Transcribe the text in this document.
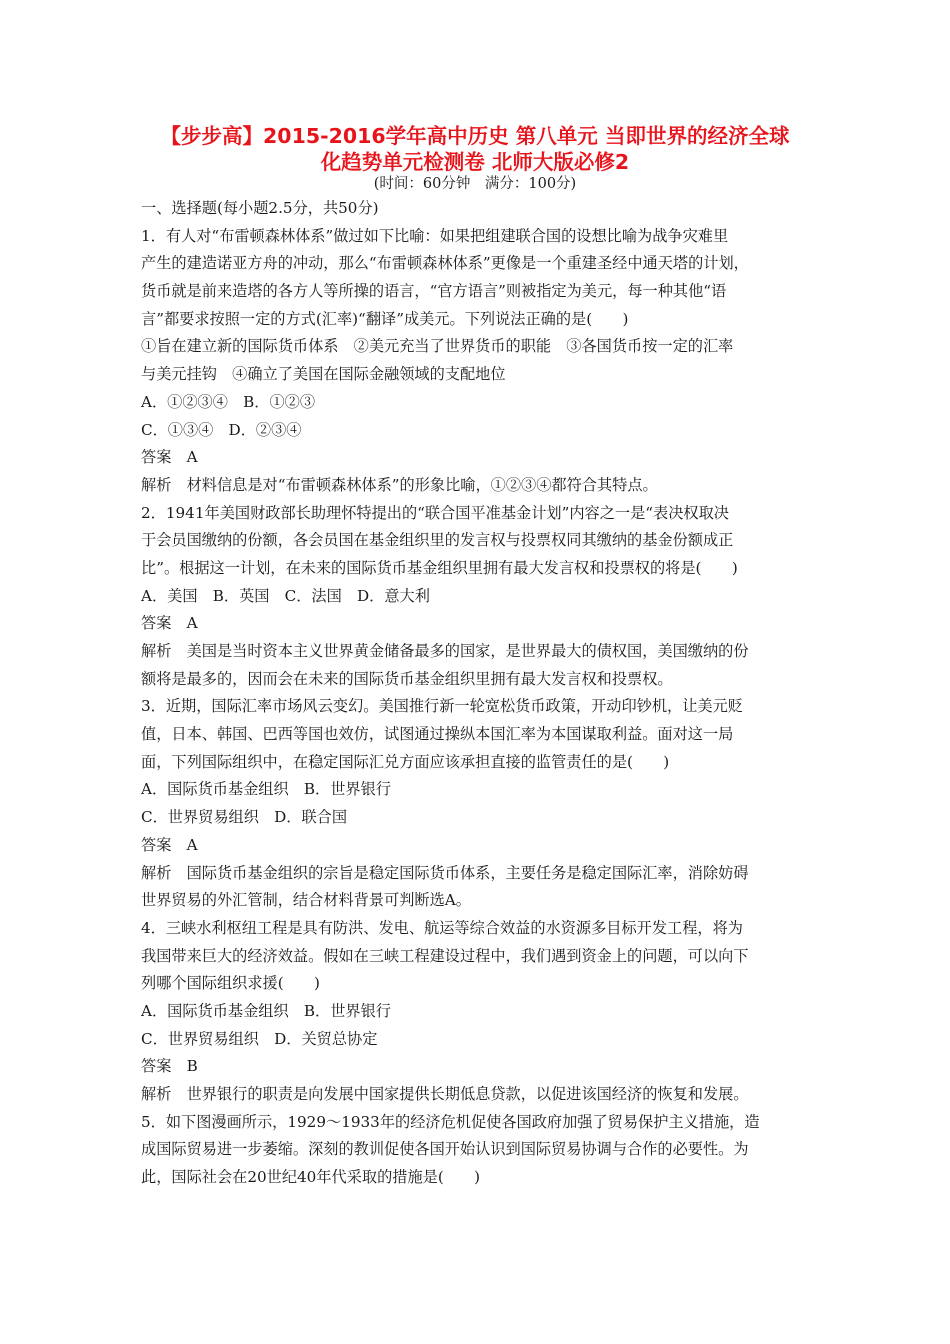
【步步高】2015-2016学年高中历史 第八单元 当即世界的经济全球
化趋势单元检测卷 北师大版必修2
(时间：60分钟　满分：100分)
一、选择题(每小题2.5分，共50分)
1．有人对“布雷顿森林体系”做过如下比喻：如果把组建联合国的设想比喻为战争灾难里
产生的建造诺亚方舟的冲动，那么“布雷顿森林体系”更像是一个重建圣经中通天塔的计划，
货币就是前来造塔的各方人等所操的语言，“官方语言”则被指定为美元，每一种其他“语
言”都要求按照一定的方式(汇率)“翻译”成美元。下列说法正确的是(　　)
①旨在建立新的国际货币体系　②美元充当了世界货币的职能　③各国货币按一定的汇率
与美元挂钩　④确立了美国在国际金融领域的支配地位
A．①②③④　B．①②③
C．①③④　D．②③④
答案　A
解析　材料信息是对“布雷顿森林体系”的形象比喻，①②③④都符合其特点。
2．1941年美国财政部长助理怀特提出的“联合国平准基金计划”内容之一是“表决权取决
于会员国缴纳的份额，各会员国在基金组织里的发言权与投票权同其缴纳的基金份额成正
比”。根据这一计划，在未来的国际货币基金组织里拥有最大发言权和投票权的将是(　　)
A．美国　B．英国　C．法国　D．意大利
答案　A
解析　美国是当时资本主义世界黄金储备最多的国家，是世界最大的债权国，美国缴纳的份
额将是最多的，因而会在未来的国际货币基金组织里拥有最大发言权和投票权。
3．近期，国际汇率市场风云变幻。美国推行新一轮宽松货币政策，开动印钞机，让美元贬
值，日本、韩国、巴西等国也效仿，试图通过操纵本国汇率为本国谋取利益。面对这一局
面，下列国际组织中，在稳定国际汇兑方面应该承担直接的监管责任的是(　　)
A．国际货币基金组织　B．世界银行
C．世界贸易组织　D．联合国
答案　A
解析　国际货币基金组织的宗旨是稳定国际货币体系，主要任务是稳定国际汇率，消除妨碍
世界贸易的外汇管制，结合材料背景可判断选A。
4．三峡水利枢纽工程是具有防洪、发电、航运等综合效益的水资源多目标开发工程，将为
我国带来巨大的经济效益。假如在三峡工程建设过程中，我们遇到资金上的问题，可以向下
列哪个国际组织求援(　　)
A．国际货币基金组织　B．世界银行
C．世界贸易组织　D．关贸总协定
答案　B
解析　世界银行的职责是向发展中国家提供长期低息贷款，以促进该国经济的恢复和发展。
5．如下图漫画所示，1929～1933年的经济危机促使各国政府加强了贸易保护主义措施，造
成国际贸易进一步萎缩。深刻的教训促使各国开始认识到国际贸易协调与合作的必要性。为
此，国际社会在20世纪40年代采取的措施是(　　)
